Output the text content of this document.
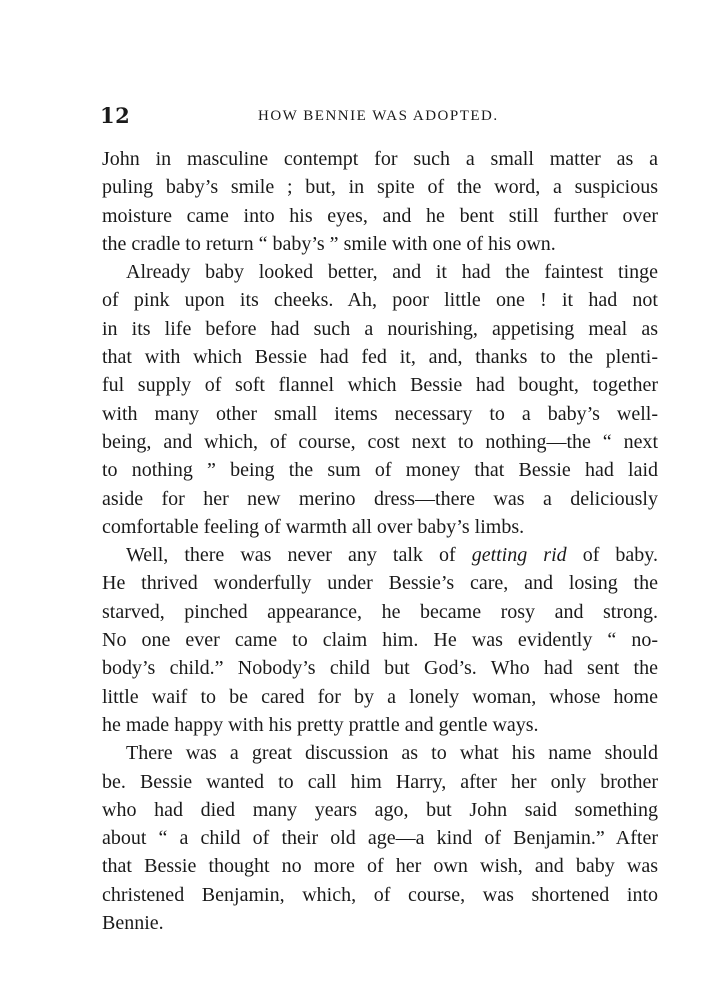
12	HOW BENNIE WAS ADOPTED.
John in masculine contempt for such a small matter as a
puling baby’s smile ; but, in spite of the word, a suspicious
moisture came into his eyes, and he bent still further over
the cradle to return “ baby’s ” smile with one of his own.
Already baby looked better, and it had the faintest tinge
of pink upon its cheeks. Ah, poor little one ! it had not
in its life before had such a nourishing, appetising meal as
that with which Bessie had fed it, and, thanks to the plenti-
ful supply of soft flannel which Bessie had bought, together
with many other small items necessary to a baby’s well-
being, and which, of course, cost next to nothing—the “ next
to nothing ” being the sum of money that Bessie had laid
aside for her new merino dress—there was a deliciously
comfortable feeling of warmth all over baby’s limbs.
Well, there was never any talk of getting rid of baby.
He thrived wonderfully under Bessie’s care, and losing the
starved, pinched appearance, he became rosy and strong.
No one ever came to claim him. He was evidently “ no-
body’s child.” Nobody’s child but God’s. Who had sent the
little waif to be cared for by a lonely woman, whose home
he made happy with his pretty prattle and gentle ways.
There was a great discussion as to what his name should
be. Bessie wanted to call him Harry, after her only brother
who had died many years ago, but John said something
about “ a child of their old age—a kind of Benjamin.” After
that Bessie thought no more of her own wish, and baby was
christened Benjamin, which, of course, was shortened into
Bennie.
